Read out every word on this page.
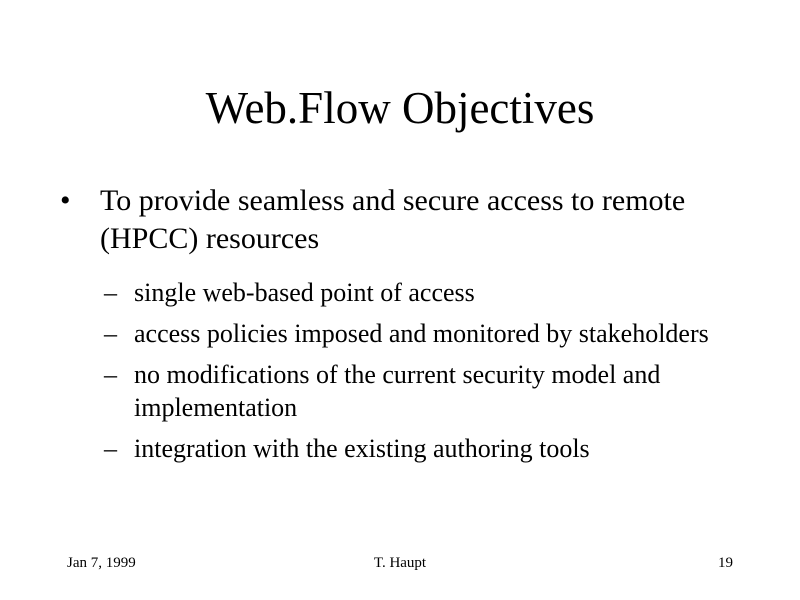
Web.Flow Objectives
• To provide seamless and secure access to remote (HPCC) resources
– single web-based point of access
– access policies imposed and monitored by stakeholders
– no modifications of the current security model and implementation
– integration with the existing authoring tools
Jan 7, 1999	T. Haupt	19
